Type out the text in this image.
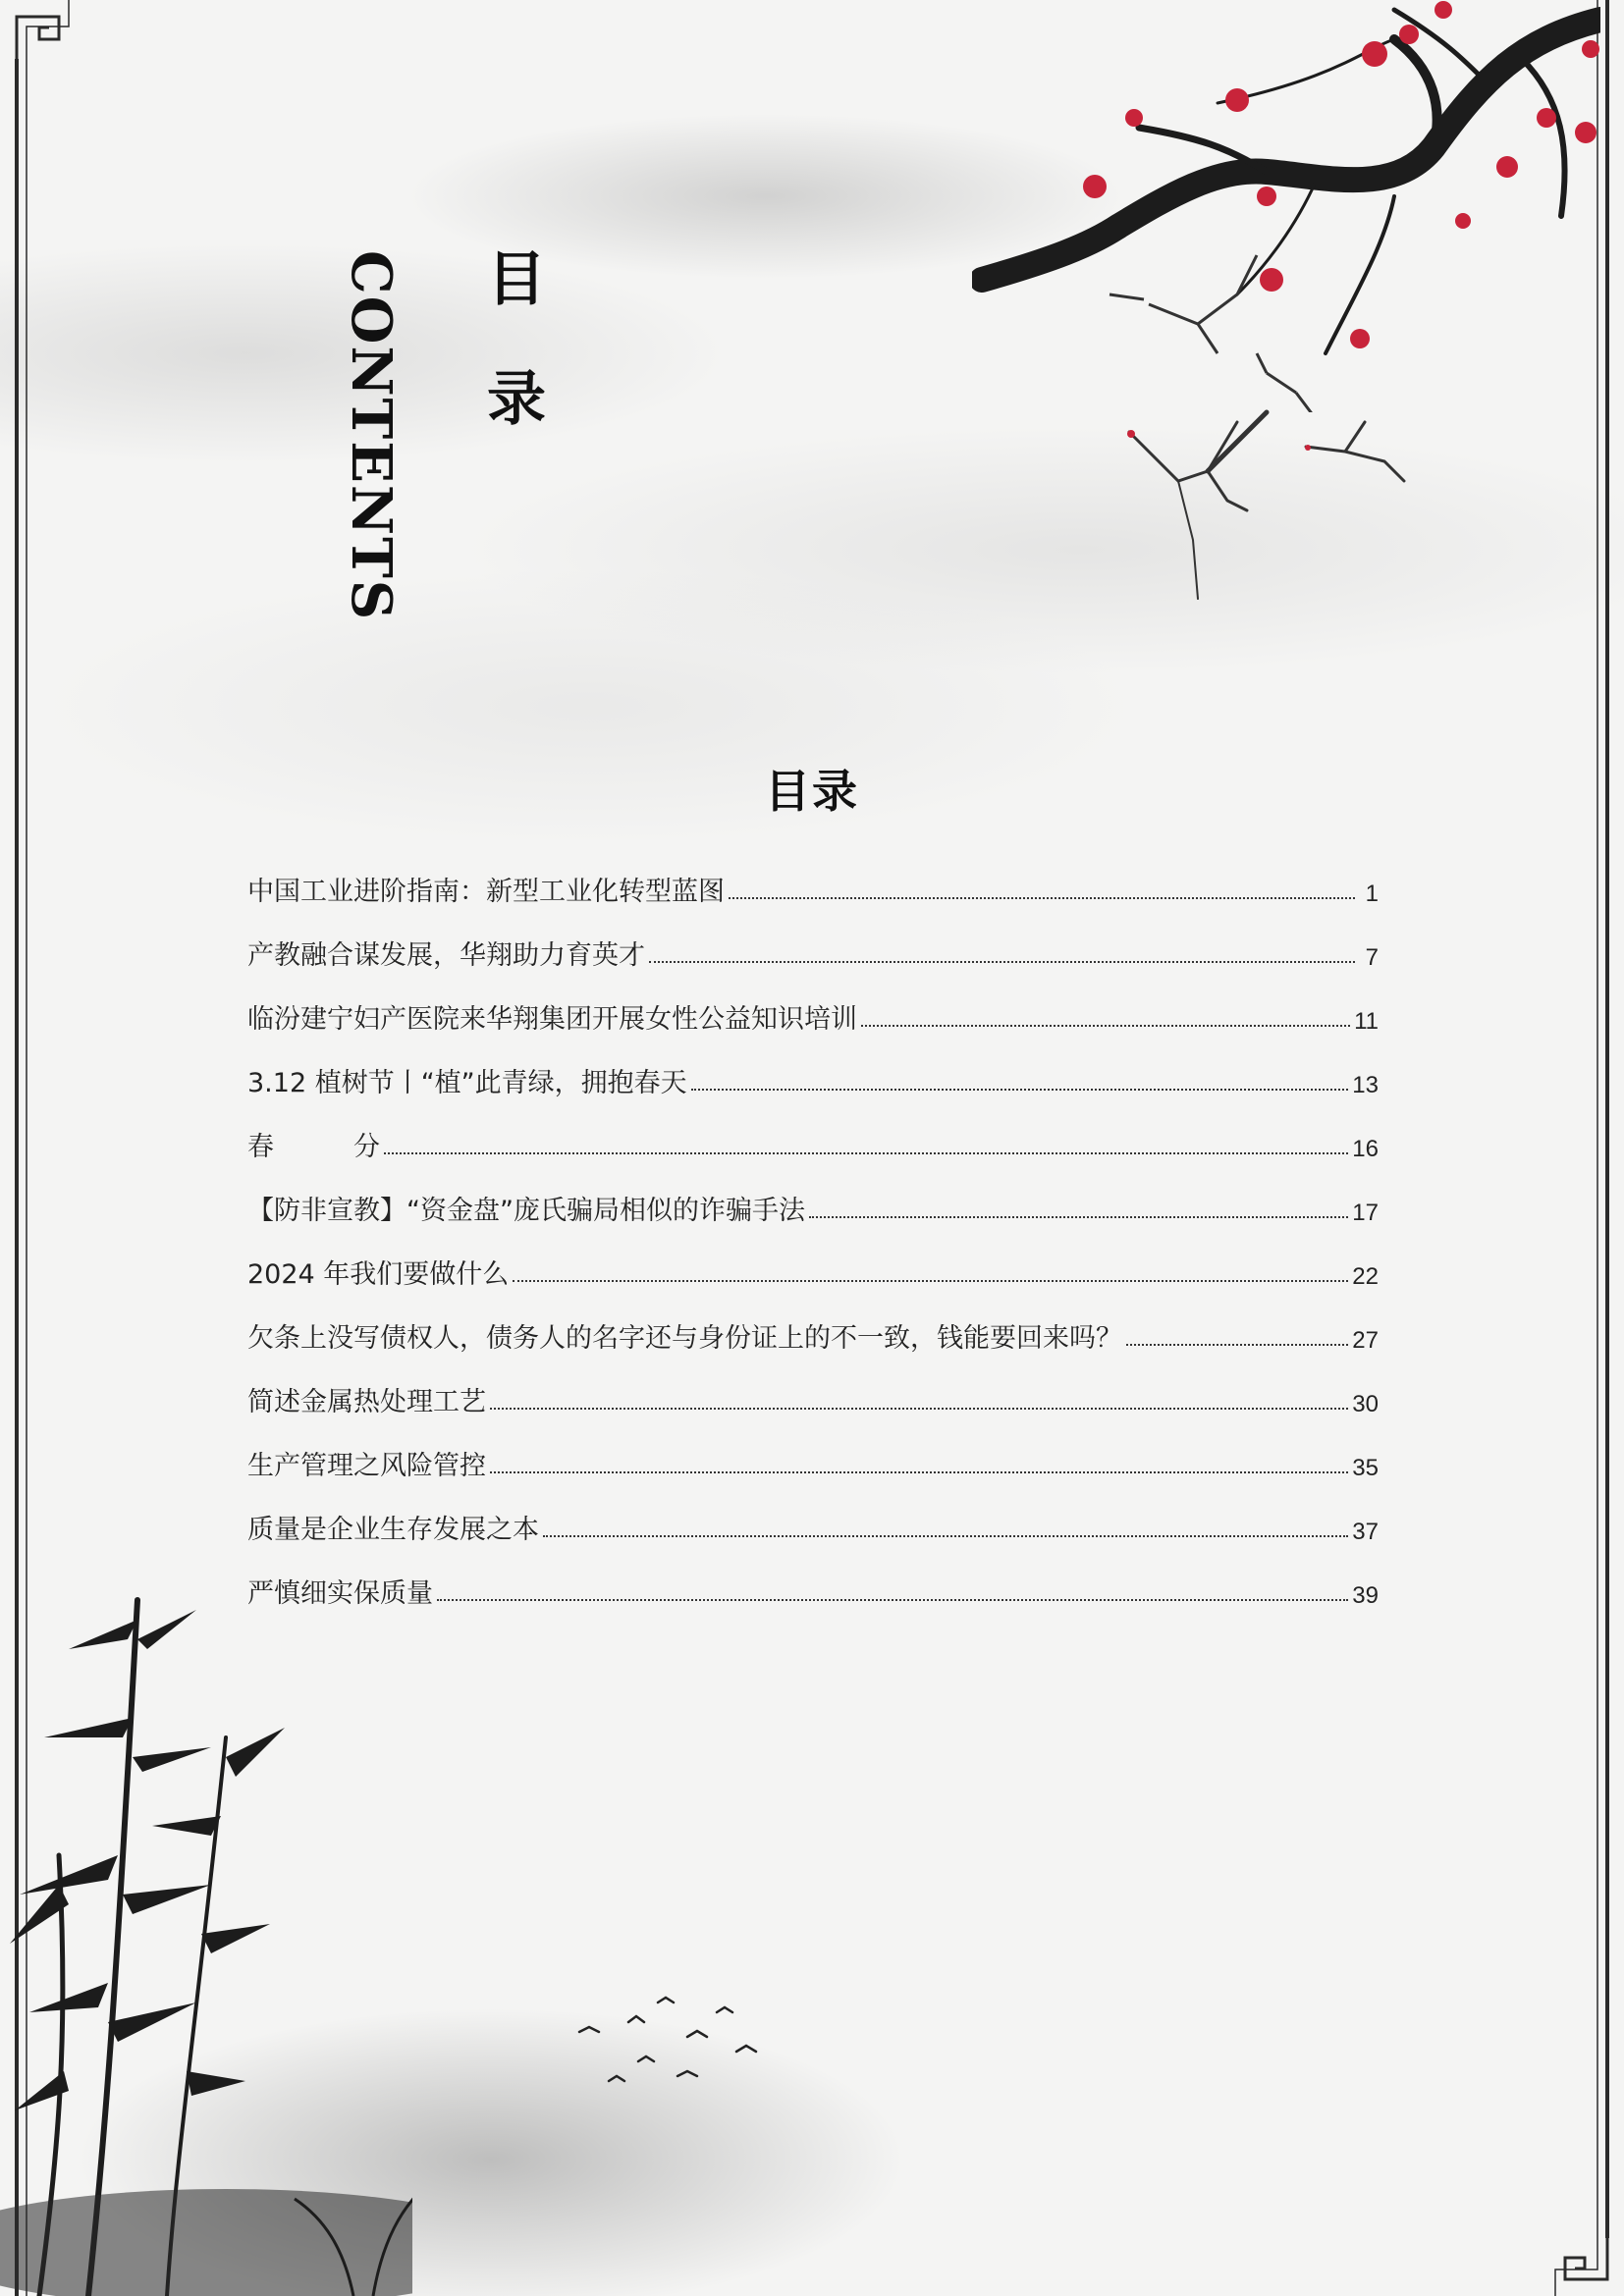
CONTENTS 目录
目录
中国工业进阶指南：新型工业化转型蓝图	1
产教融合谋发展，华翔助力育英才	7
临汾建宁妇产医院来华翔集团开展女性公益知识培训	11
3.12 植树节丨“植”此青绿，拥抱春天	13
春　　　分	16
【防非宣教】“资金盘”庞氏骗局相似的诈骗手法	17
2024 年我们要做什么	22
欠条上没写债权人，债务人的名字还与身份证上的不一致，钱能要回来吗？	27
简述金属热处理工艺	30
生产管理之风险管控	35
质量是企业生存发展之本	37
严慎细实保质量	39
